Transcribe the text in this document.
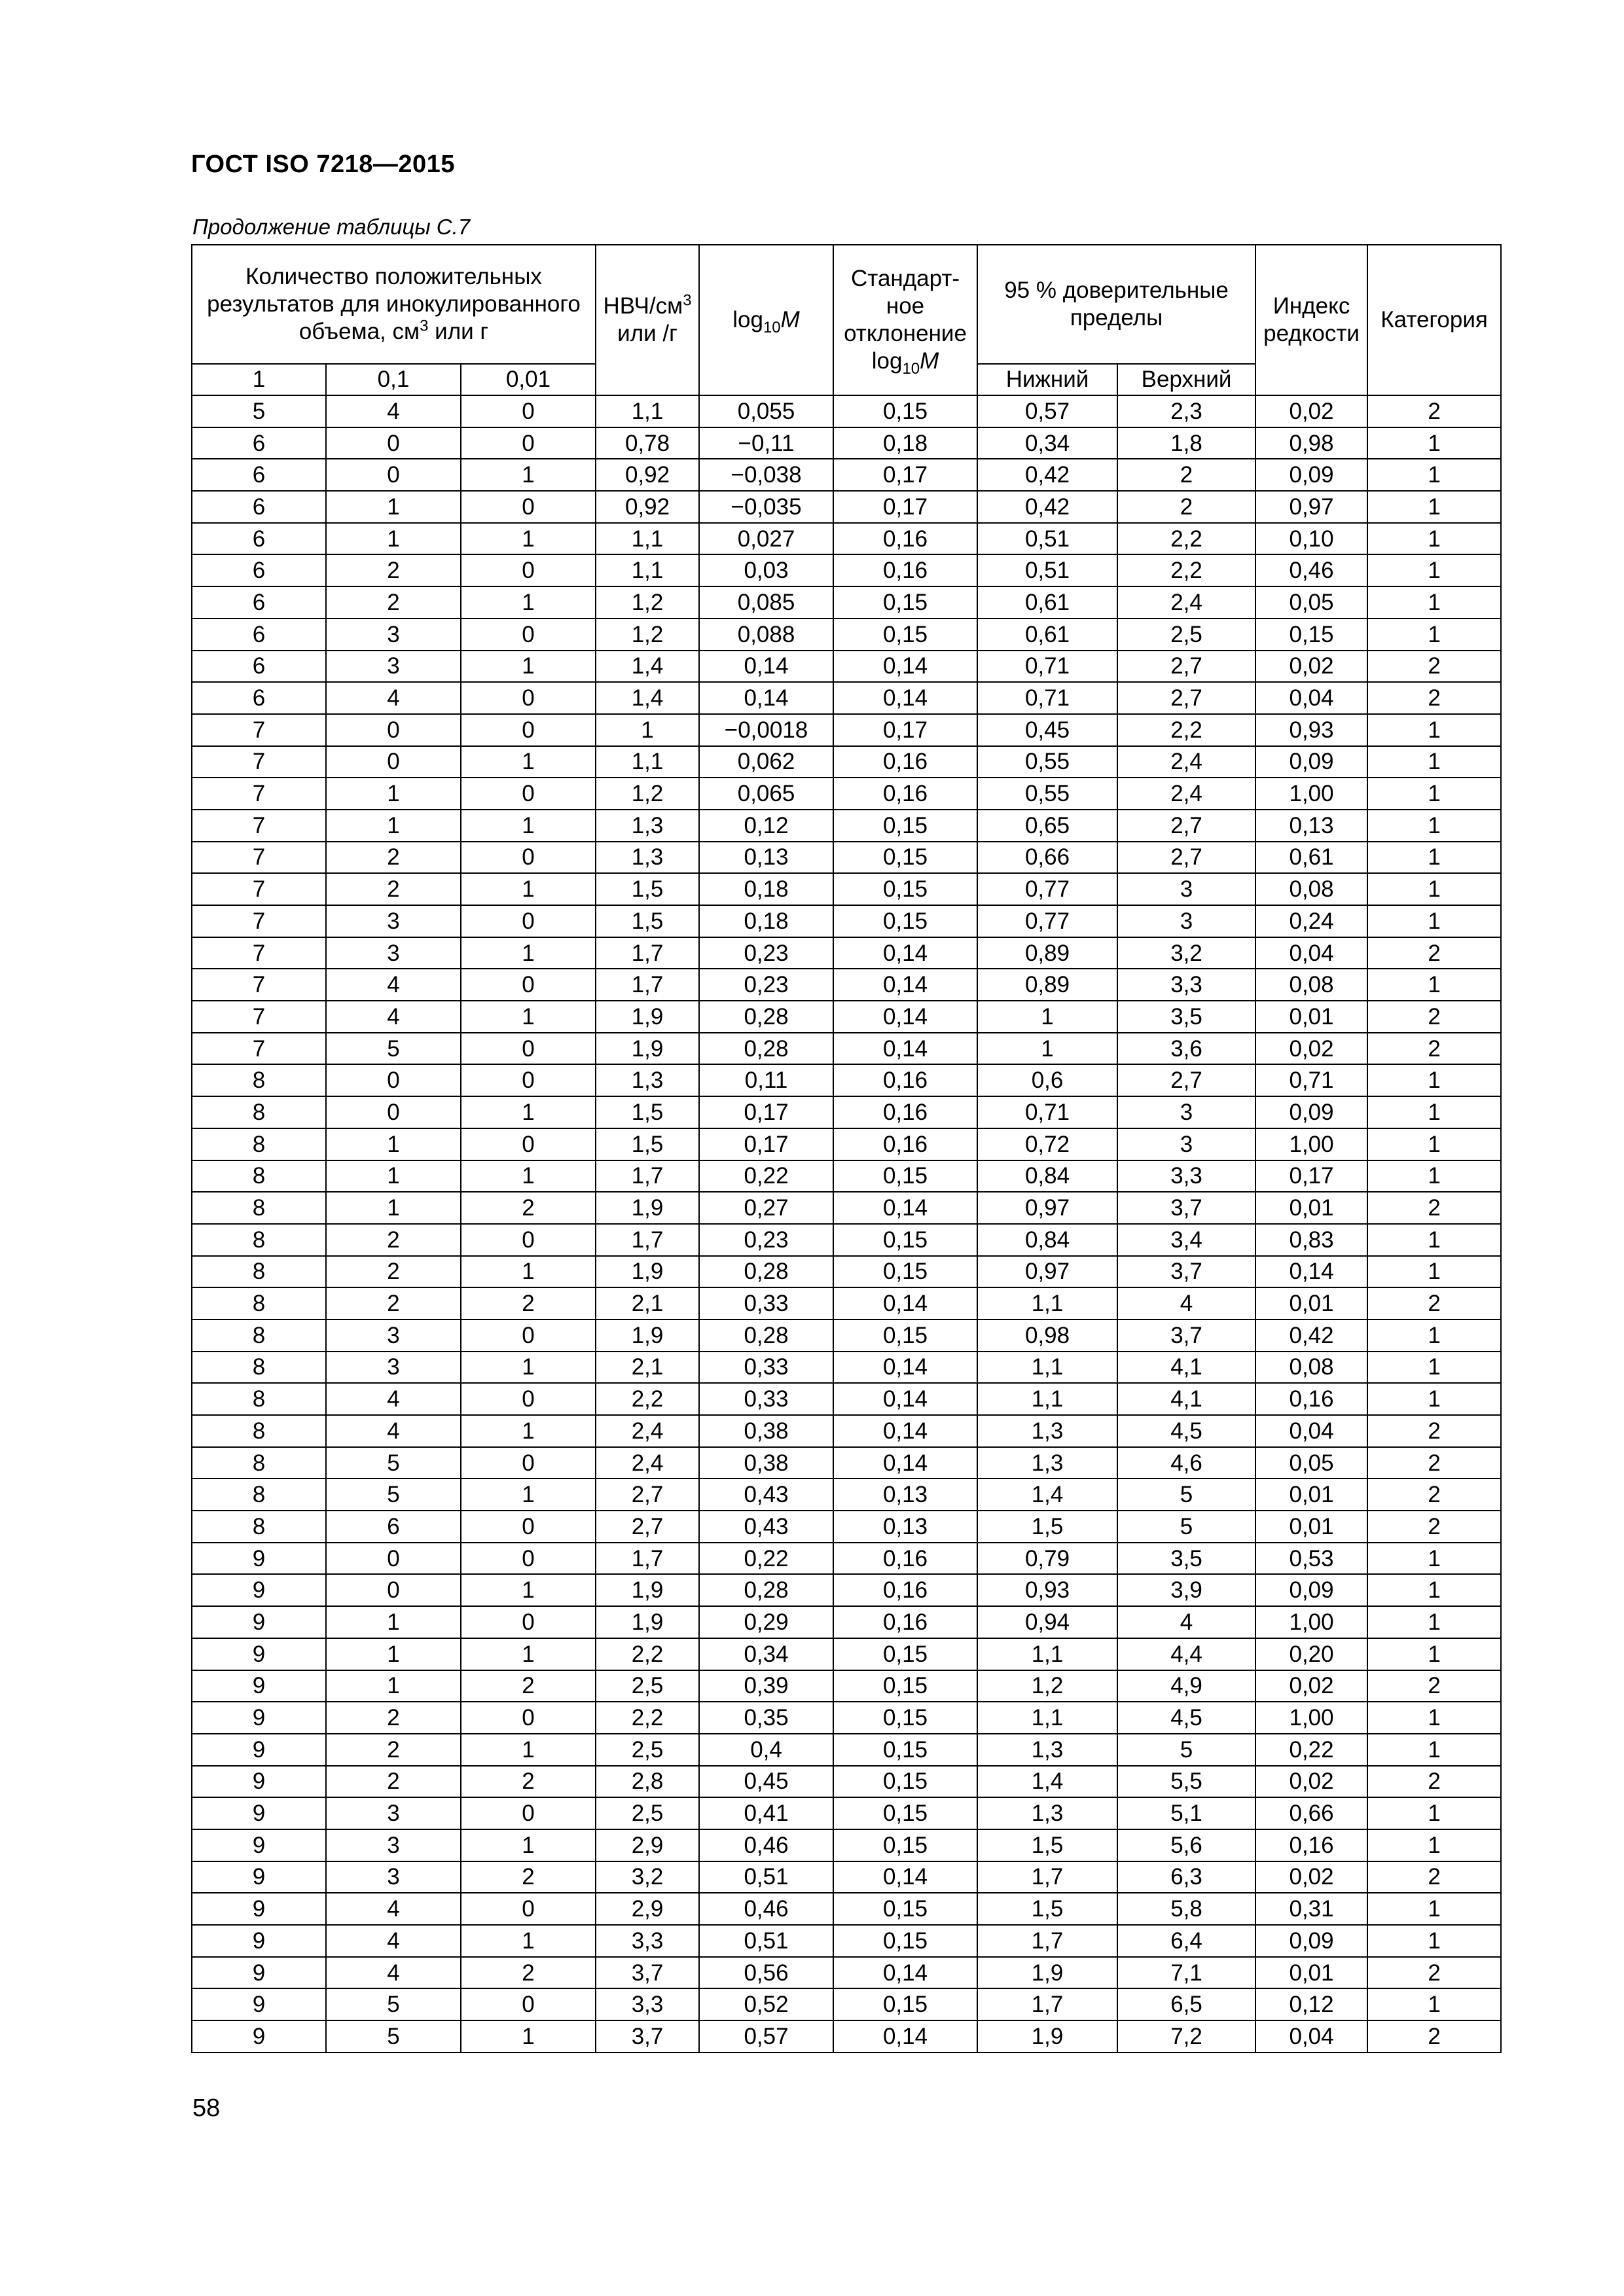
ГОСТ ISO 7218—2015
Продолжение таблицы С.7
Количество положительных результатов для инокулированного объема, $см^3$ или г			НВЧ/$см^3$ или /г	$\log_{10}M$	Стандарт-ное отклонение $\log_{10}M$	95 % доверительные пределы		Индекс редкости	Категория
1	0,1	0,01				Нижний	Верхний		
5	4	0	1,1	0,055	0,15	0,57	2,3	0,02	2
6	0	0	0,78	−0,11	0,18	0,34	1,8	0,98	1
6	0	1	0,92	−0,038	0,17	0,42	2	0,09	1
6	1	0	0,92	−0,035	0,17	0,42	2	0,97	1
6	1	1	1,1	0,027	0,16	0,51	2,2	0,10	1
6	2	0	1,1	0,03	0,16	0,51	2,2	0,46	1
6	2	1	1,2	0,085	0,15	0,61	2,4	0,05	1
6	3	0	1,2	0,088	0,15	0,61	2,5	0,15	1
6	3	1	1,4	0,14	0,14	0,71	2,7	0,02	2
6	4	0	1,4	0,14	0,14	0,71	2,7	0,04	2
7	0	0	1	−0,0018	0,17	0,45	2,2	0,93	1
7	0	1	1,1	0,062	0,16	0,55	2,4	0,09	1
7	1	0	1,2	0,065	0,16	0,55	2,4	1,00	1
7	1	1	1,3	0,12	0,15	0,65	2,7	0,13	1
7	2	0	1,3	0,13	0,15	0,66	2,7	0,61	1
7	2	1	1,5	0,18	0,15	0,77	3	0,08	1
7	3	0	1,5	0,18	0,15	0,77	3	0,24	1
7	3	1	1,7	0,23	0,14	0,89	3,2	0,04	2
7	4	0	1,7	0,23	0,14	0,89	3,3	0,08	1
7	4	1	1,9	0,28	0,14	1	3,5	0,01	2
7	5	0	1,9	0,28	0,14	1	3,6	0,02	2
8	0	0	1,3	0,11	0,16	0,6	2,7	0,71	1
8	0	1	1,5	0,17	0,16	0,71	3	0,09	1
8	1	0	1,5	0,17	0,16	0,72	3	1,00	1
8	1	1	1,7	0,22	0,15	0,84	3,3	0,17	1
8	1	2	1,9	0,27	0,14	0,97	3,7	0,01	2
8	2	0	1,7	0,23	0,15	0,84	3,4	0,83	1
8	2	1	1,9	0,28	0,15	0,97	3,7	0,14	1
8	2	2	2,1	0,33	0,14	1,1	4	0,01	2
8	3	0	1,9	0,28	0,15	0,98	3,7	0,42	1
8	3	1	2,1	0,33	0,14	1,1	4,1	0,08	1
8	4	0	2,2	0,33	0,14	1,1	4,1	0,16	1
8	4	1	2,4	0,38	0,14	1,3	4,5	0,04	2
8	5	0	2,4	0,38	0,14	1,3	4,6	0,05	2
8	5	1	2,7	0,43	0,13	1,4	5	0,01	2
8	6	0	2,7	0,43	0,13	1,5	5	0,01	2
9	0	0	1,7	0,22	0,16	0,79	3,5	0,53	1
9	0	1	1,9	0,28	0,16	0,93	3,9	0,09	1
9	1	0	1,9	0,29	0,16	0,94	4	1,00	1
9	1	1	2,2	0,34	0,15	1,1	4,4	0,20	1
9	1	2	2,5	0,39	0,15	1,2	4,9	0,02	2
9	2	0	2,2	0,35	0,15	1,1	4,5	1,00	1
9	2	1	2,5	0,4	0,15	1,3	5	0,22	1
9	2	2	2,8	0,45	0,15	1,4	5,5	0,02	2
9	3	0	2,5	0,41	0,15	1,3	5,1	0,66	1
9	3	1	2,9	0,46	0,15	1,5	5,6	0,16	1
9	3	2	3,2	0,51	0,14	1,7	6,3	0,02	2
9	4	0	2,9	0,46	0,15	1,5	5,8	0,31	1
9	4	1	3,3	0,51	0,15	1,7	6,4	0,09	1
9	4	2	3,7	0,56	0,14	1,9	7,1	0,01	2
9	5	0	3,3	0,52	0,15	1,7	6,5	0,12	1
9	5	1	3,7	0,57	0,14	1,9	7,2	0,04	2
58
